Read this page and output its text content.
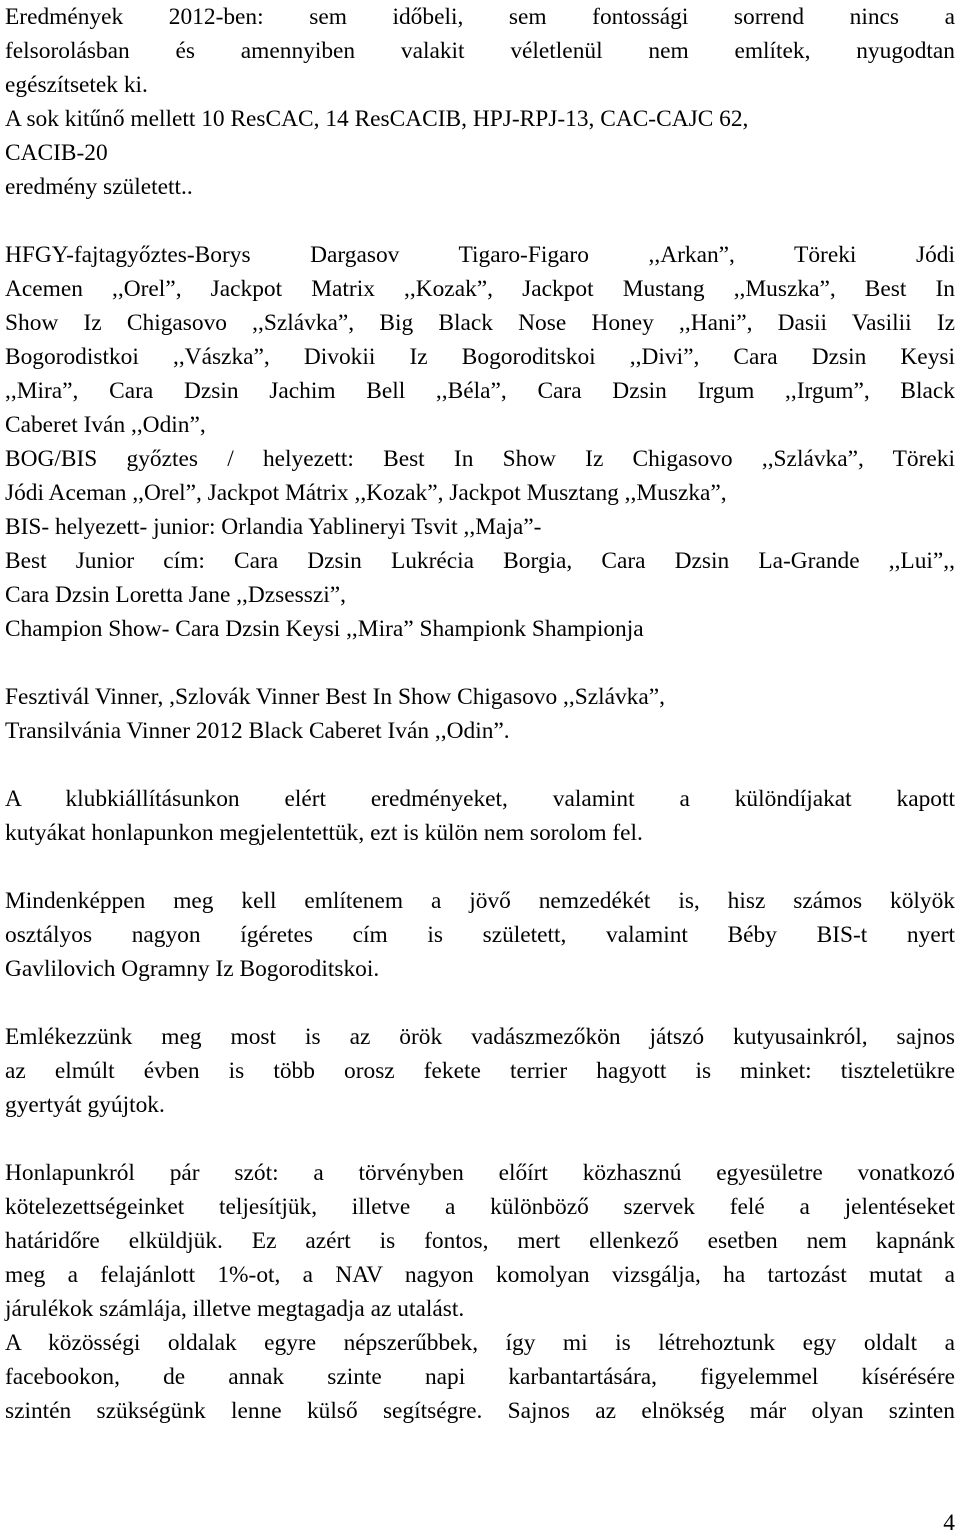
Eredmények 2012-ben: sem időbeli, sem fontossági sorrend nincs a
felsorolásban és amennyiben valakit véletlenül nem említek, nyugodtan
egészítsetek ki.
A sok kitűnő mellett 10 ResCAC, 14 ResCACIB, HPJ-RPJ-13, CAC-CAJC 62,
CACIB-20
eredmény született..
HFGY-fajtagyőztes-Borys Dargasov Tigaro-Figaro ,,Arkan”, Töreki Jódi
Acemen ,,Orel”, Jackpot Matrix ,,Kozak”, Jackpot Mustang ,,Muszka”, Best In
Show Iz Chigasovo ,,Szlávka”, Big Black Nose Honey ,,Hani”, Dasii Vasilii Iz
Bogorodistkoi ,,Vászka”, Divokii Iz Bogoroditskoi ,,Divi”, Cara Dzsin Keysi
,,Mira”, Cara Dzsin Jachim Bell ,,Béla”, Cara Dzsin Irgum ,,Irgum”, Black
Caberet Iván ,,Odin”,
BOG/BIS győztes / helyezett: Best In Show Iz Chigasovo ,,Szlávka”, Töreki
Jódi Aceman ,,Orel”, Jackpot Mátrix ,,Kozak”, Jackpot Musztang ,,Muszka”,
BIS- helyezett- junior: Orlandia Yablineryi Tsvit ,,Maja”-
Best Junior cím: Cara Dzsin Lukrécia Borgia, Cara Dzsin La-Grande ,,Lui”,,
Cara Dzsin Loretta Jane ,,Dzsesszi”,
Champion Show- Cara Dzsin Keysi ,,Mira” Shampionk Shampionja
Fesztivál Vinner, ,Szlovák Vinner Best In Show Chigasovo ,,Szlávka”,
Transilvánia Vinner 2012 Black Caberet Iván ,,Odin”.
A klubkiállításunkon elért eredményeket, valamint a különdíjakat kapott
kutyákat honlapunkon megjelentettük, ezt is külön nem sorolom fel.
Mindenképpen meg kell említenem a jövő nemzedékét is, hisz számos kölyök
osztályos nagyon ígéretes cím is született, valamint Béby BIS-t nyert
Gavlilovich Ogramny Iz Bogoroditskoi.
Emlékezzünk meg most is az örök vadászmezőkön játszó kutyusainkról, sajnos
az elmúlt évben is több orosz fekete terrier hagyott is minket: tiszteletükre
gyertyát gyújtok.
Honlapunkról pár szót: a törvényben előírt közhasznú egyesületre vonatkozó
kötelezettségeinket teljesítjük, illetve a különböző szervek felé a jelentéseket
határidőre elküldjük. Ez azért is fontos, mert ellenkező esetben nem kapnánk
meg a felajánlott 1%-ot, a NAV nagyon komolyan vizsgálja, ha tartozást mutat a
járulékok számlája, illetve megtagadja az utalást.
A közösségi oldalak egyre népszerűbbek, így mi is létrehoztunk egy oldalt a
facebookon, de annak szinte napi karbantartására, figyelemmel kísérésére
szintén szükségünk lenne külső segítségre. Sajnos az elnökség már olyan szinten
4
